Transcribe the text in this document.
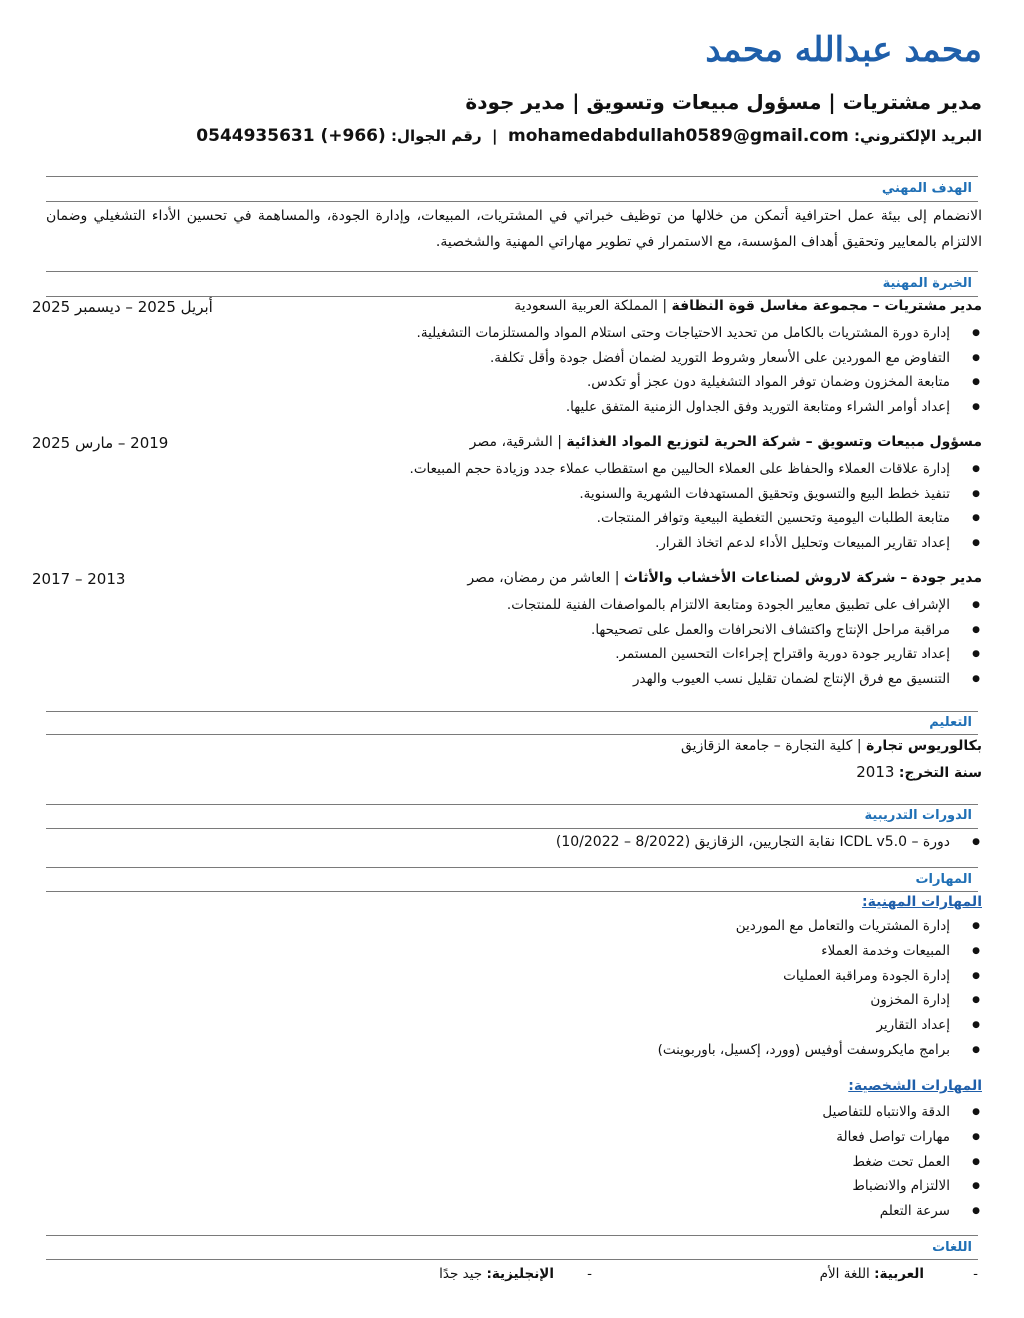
محمد عبدالله محمد
مدير مشتريات | مسؤول مبيعات وتسويق | مدير جودة
البريد الإلكتروني: mohamedabdullah0589@gmail.com  |  رقم الجوال: 0544935631 (+966)
الهدف المهني
الانضمام إلى بيئة عمل احترافية أتمكن من خلالها من توظيف خبراتي في المشتريات، المبيعات، وإدارة الجودة، والمساهمة في تحسين الأداء التشغيلي وضمان الالتزام بالمعايير وتحقيق أهداف المؤسسة، مع الاستمرار في تطوير مهاراتي المهنية والشخصية.
الخبرة المهنية
مدير مشتريات – مجموعة مغاسل قوة النظافة | المملكة العربية السعودية
أبريل 2025 – ديسمبر 2025
● إدارة دورة المشتريات بالكامل من تحديد الاحتياجات وحتى استلام المواد والمستلزمات التشغيلية.
● التفاوض مع الموردين على الأسعار وشروط التوريد لضمان أفضل جودة وأقل تكلفة.
● متابعة المخزون وضمان توفر المواد التشغيلية دون عجز أو تكدس.
● إعداد أوامر الشراء ومتابعة التوريد وفق الجداول الزمنية المتفق عليها.
مسؤول مبيعات وتسويق – شركة الحرية لتوزيع المواد الغذائية | الشرقية، مصر
2019 – مارس 2025
● إدارة علاقات العملاء والحفاظ على العملاء الحاليين مع استقطاب عملاء جدد وزيادة حجم المبيعات.
● تنفيذ خطط البيع والتسويق وتحقيق المستهدفات الشهرية والسنوية.
● متابعة الطلبات اليومية وتحسين التغطية البيعية وتوافر المنتجات.
● إعداد تقارير المبيعات وتحليل الأداء لدعم اتخاذ القرار.
مدير جودة – شركة لاروش لصناعات الأخشاب والأثاث | العاشر من رمضان، مصر
2013 – 2017
● الإشراف على تطبيق معايير الجودة ومتابعة الالتزام بالمواصفات الفنية للمنتجات.
● مراقبة مراحل الإنتاج واكتشاف الانحرافات والعمل على تصحيحها.
● إعداد تقارير جودة دورية واقتراح إجراءات التحسين المستمر.
● التنسيق مع فرق الإنتاج لضمان تقليل نسب العيوب والهدر
التعليم
بكالوريوس تجارة | كلية التجارة – جامعة الزقازيق
سنة التخرج: 2013
الدورات التدريبية
● دورة – ICDL v5.0 نقابة التجاريين، الزقازيق (8/2022 – 10/2022)
المهارات
المهارات المهنية:
● إدارة المشتريات والتعامل مع الموردين
● المبيعات وخدمة العملاء
● إدارة الجودة ومراقبة العمليات
● إدارة المخزون
● إعداد التقارير
● برامج مايكروسفت أوفيس (وورد، إكسيل، باوربوينت)
المهارات الشخصية:
● الدقة والانتباه للتفاصيل
● مهارات تواصل فعالة
● العمل تحت ضغط
● الالتزام والانضباط
● سرعة التعلم
اللغات
-
العربية: اللغة الأم
-
الإنجليزية: جيد جدًا
